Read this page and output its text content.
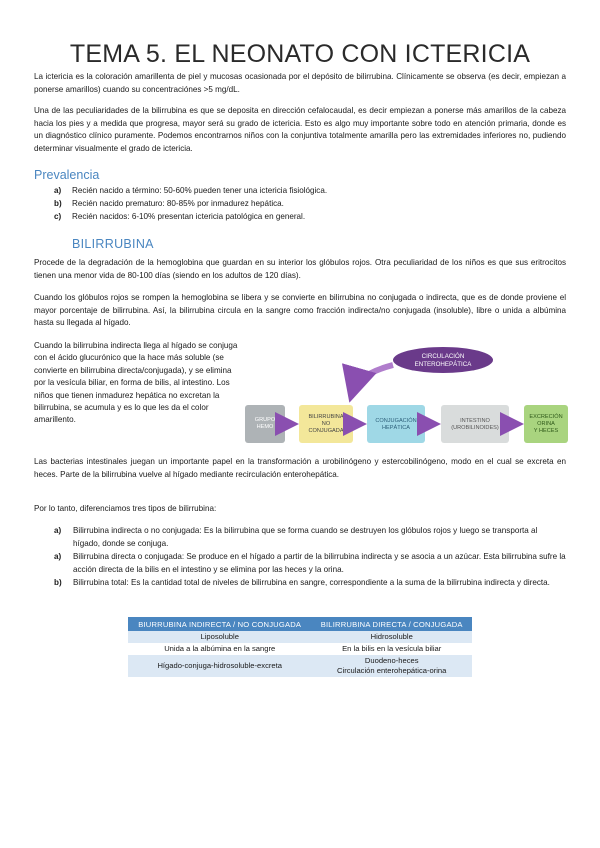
TEMA 5. EL NEONATO CON ICTERICIA
La ictericia es la coloración amarillenta de piel y mucosas ocasionada por el depósito de bilirrubina. Clínicamente se observa (es decir, empiezan a ponerse amarillos) cuando su concentraciónes >5 mg/dL.
Una de las peculiaridades de la bilirrubina es que se deposita en dirección cefalocaudal, es decir empiezan a ponerse más amarillos de la cabeza hacia los pies y a medida que progresa, mayor será su grado de ictericia. Esto es algo muy importante sobre todo en atención primaria, donde es un diagnóstico clínico puramente. Podemos encontrarnos niños con la conjuntiva totalmente amarilla pero las extremidades inferiores no, pudiendo determinar visualmente el grado de ictericia.
Prevalencia
a) Recién nacido a término: 50-60% pueden tener una ictericia fisiológica.
b) Recién nacido prematuro: 80-85% por inmadurez hepática.
c) Recién nacidos: 6-10% presentan ictericia patológica en general.
BILIRRUBINA
Procede de la degradación de la hemoglobina que guardan en su interior los glóbulos rojos. Otra peculiaridad de los niños es que sus eritrocitos tienen una menor vida de 80-100 días (siendo en los adultos de 120 días).
Cuando los glóbulos rojos se rompen la hemoglobina se libera y se convierte en bilirrubina no conjugada o indirecta, que es de donde proviene el mayor porcentaje de bilirrubina. Así, la bilirrubina circula en la sangre como fracción indirecta/no conjugada (insoluble), libre o unida a albúmina hasta su llegada al hígado.
Cuando la bilirrubina indirecta llega al hígado se conjuga con el ácido glucurónico que la hace más soluble (se convierte en bilirrubina directa/conjugada), y se elimina por la vesícula biliar, en forma de bilis, al intestino. Los niños que tienen inmadurez hepática no excretan la bilirrubina, se acumula y es lo que les da el color amarillento.
CIRCULACIÓN
ENTEROHEPÁTICA
GRUPO
HEMO
BILIRRUBINA
NO
CONJUGADA
CONJUGACIÓN
HEPÁTICA
INTESTINO
(UROBILINOIDES)
EXCRECIÓN
ORINA
Y HECES
Las bacterias intestinales juegan un importante papel en la transformación a urobilinógeno y estercobilinógeno, modo en el cual se excreta en heces. Parte de la bilirrubina vuelve al hígado mediante recirculación enterohepática.
Por lo tanto, diferenciamos tres tipos de bilirrubina:
a) Bilirrubina indirecta o no conjugada: Es la bilirrubina que se forma cuando se destruyen los glóbulos rojos y luego se transporta al hígado, donde se conjuga.
a) Bilirrubina directa o conjugada: Se produce en el hígado a partir de la bilirrubina indirecta y se asocia a un azúcar. Esta bilirrubina sufre la acción directa de la bilis en el intestino y se elimina por las heces y la orina.
b) Bilirrubina total: Es la cantidad total de niveles de bilirrubina en sangre, correspondiente a la suma de la bilirrubina indirecta y directa.
BIURRUBINA INDIRECTA / NO CONJUGADA	BILIRRUBINA DIRECTA / CONJUGADA
Liposoluble	Hidrosoluble
Unida a la albúmina en la sangre	En la bilis en la vesícula biliar
Hígado-conjuga-hidrosoluble-excreta	Duodeno-heces
Circulación enterohepática-orina
